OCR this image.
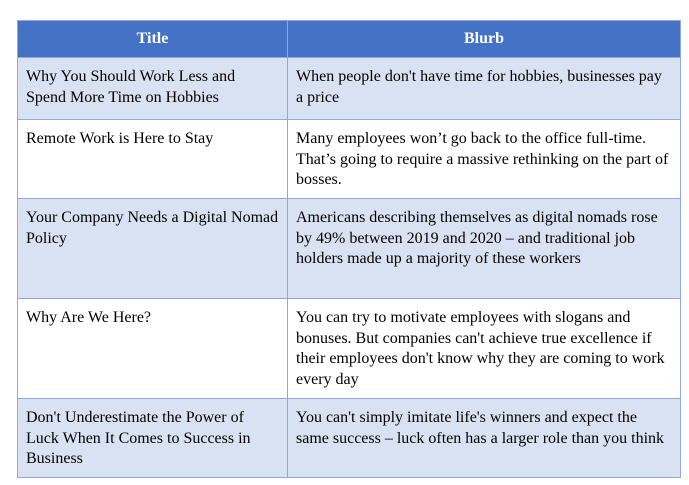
Title	Blurb
Why You Should Work Less and Spend More Time on Hobbies	When people don't have time for hobbies, businesses pay a price
Remote Work is Here to Stay	Many employees won’t go back to the office full-time. That’s going to require a massive rethinking on the part of bosses.
Your Company Needs a Digital Nomad Policy	Americans describing themselves as digital nomads rose by 49% between 2019 and 2020 – and traditional job holders made up a majority of these workers
Why Are We Here?	You can try to motivate employees with slogans and bonuses. But companies can't achieve true excellence if their employees don't know why they are coming to work every day
Don't Underestimate the Power of Luck When It Comes to Success in Business	You can't simply imitate life's winners and expect the same success – luck often has a larger role than you think
